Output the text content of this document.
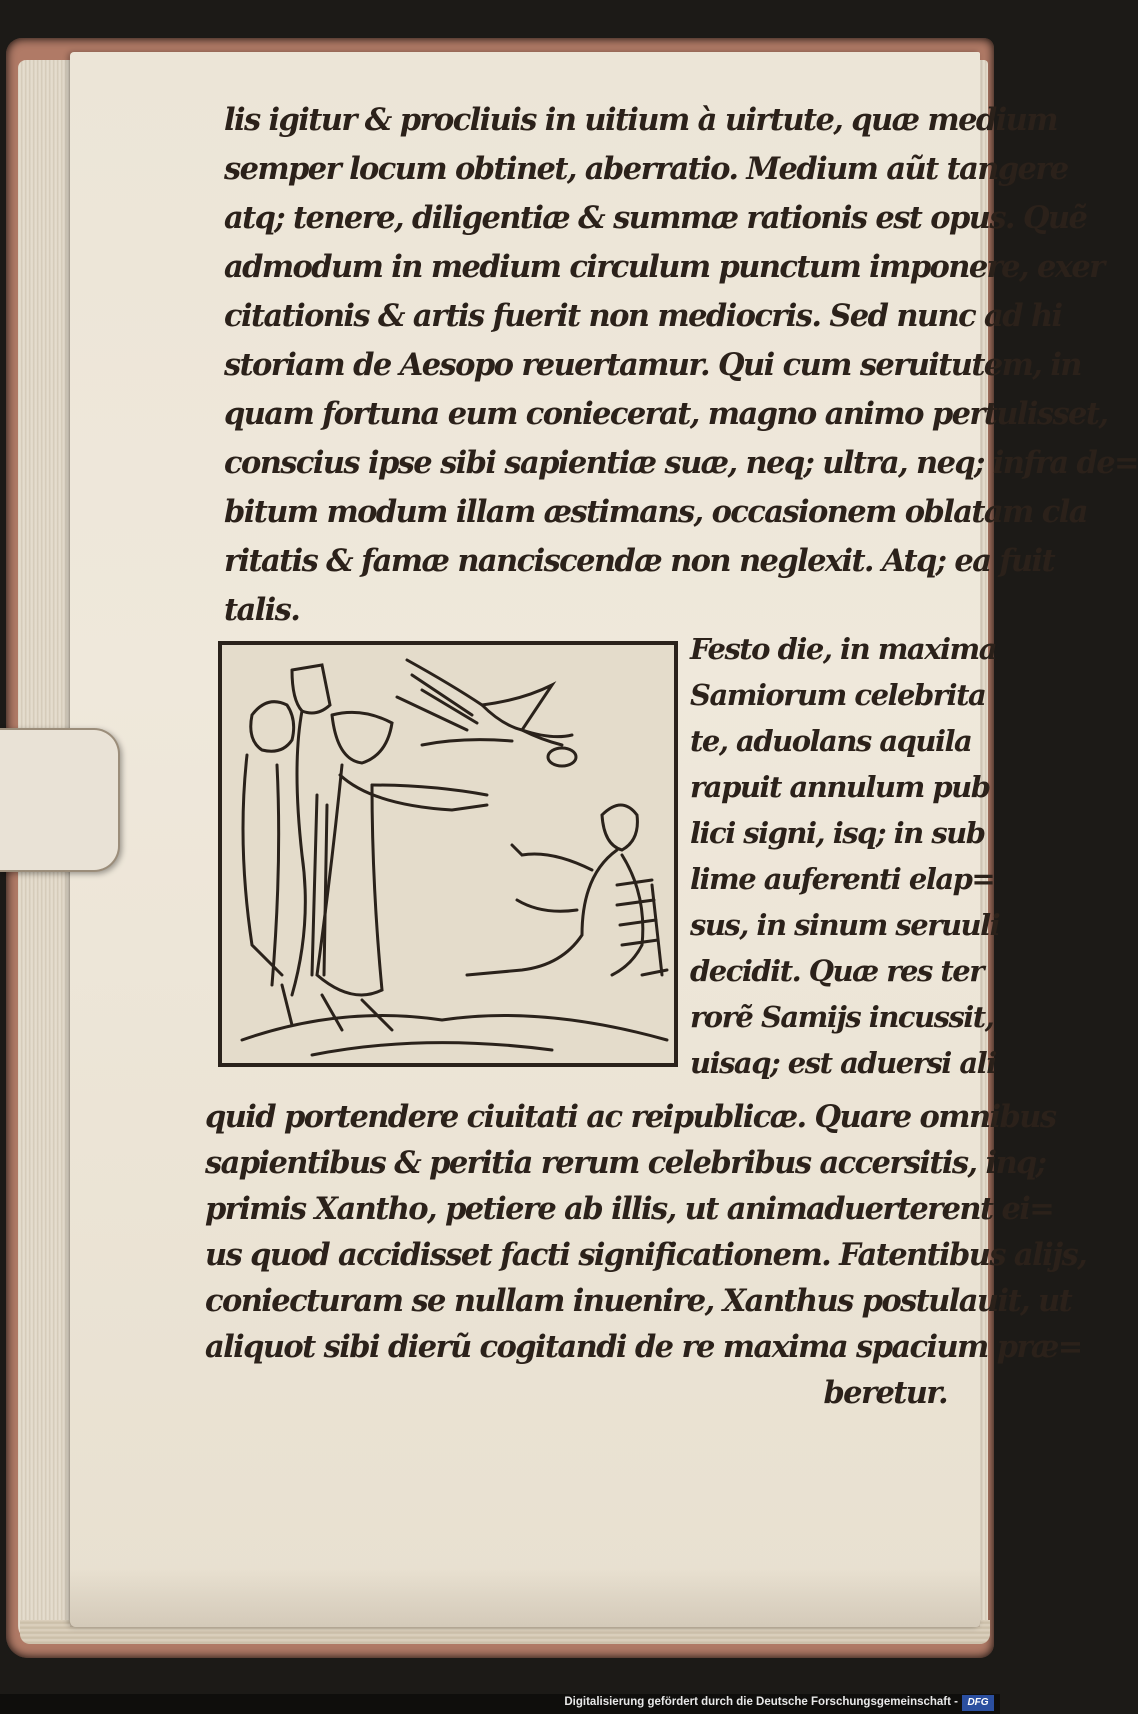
lis igitur & procliuis in uitium à uirtute, quæ medium
semper locum obtinet, aberratio. Medium aũt tangere
atq; tenere, diligentiæ & summæ rationis est opus. Quẽ
admodum in medium circulum punctum imponere, exer
citationis & artis fuerit non mediocris. Sed nunc ad hi
storiam de Aesopo reuertamur. Qui cum seruitutem, in
quam fortuna eum coniecerat, magno animo pertulisset,
conscius ipse sibi sapientiæ suæ, neq; ultra, neq; infra de=
bitum modum illam æstimans, occasionem oblatam cla
ritatis & famæ nanciscendæ non neglexit. Atq; ea fuit
talis.
Festo die, in maxima
Samiorum celebrita
te, aduolans aquila
rapuit annulum pub
lici signi, isq; in sub
lime auferenti elap=
sus, in sinum seruuli
decidit. Quæ res ter
rorẽ Samijs incussit,
uisaq; est aduersi ali
quid portendere ciuitati ac reipublicæ. Quare omnibus
sapientibus & peritia rerum celebribus accersitis, inq;
primis Xantho, petiere ab illis, ut animaduerterent ei=
us quod accidisset facti significationem. Fatentibus alijs,
coniecturam se nullam inuenire, Xanthus postulauit, ut
aliquot sibi dierũ cogitandi de re maxima spacium præ=
beretur.
Digitalisierung gefördert durch die Deutsche Forschungsgemeinschaft - DFG
